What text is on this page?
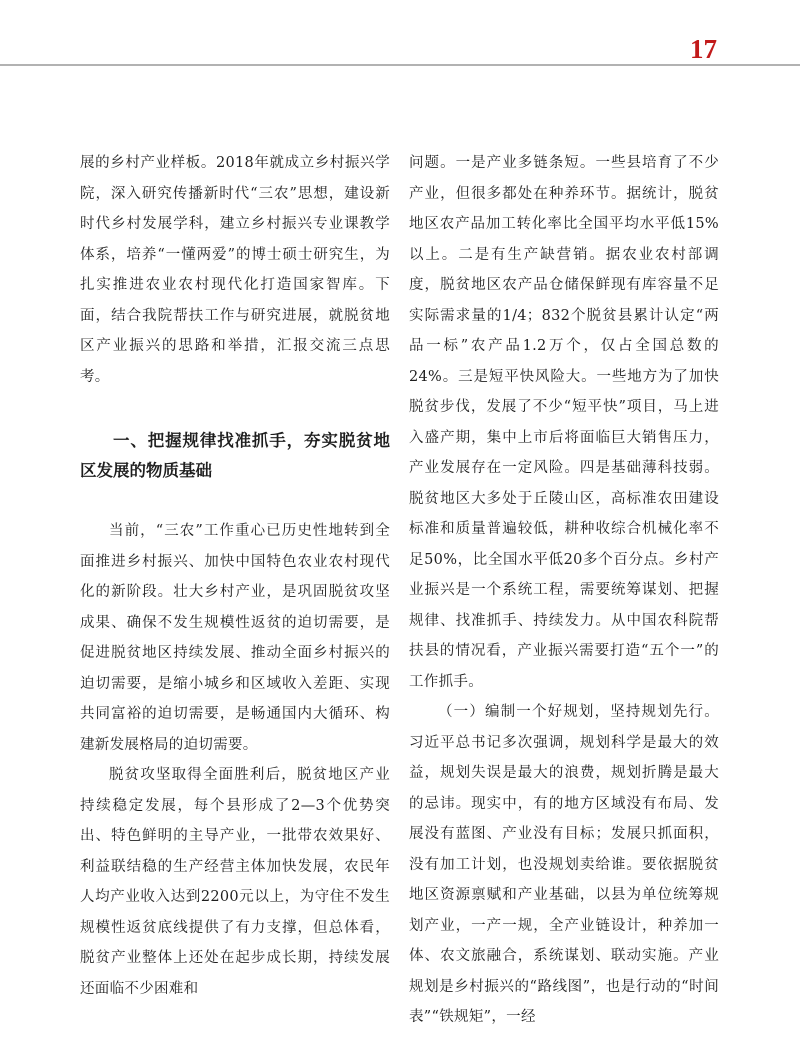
17

展的乡村产业样板。2018年就成立乡村振兴学院，深入研究传播新时代“三农”思想，建设新时代乡村发展学科，建立乡村振兴专业课教学体系，培养“一懂两爱”的博士硕士研究生，为扎实推进农业农村现代化打造国家智库。下面，结合我院帮扶工作与研究进展，就脱贫地区产业振兴的思路和举措，汇报交流三点思考。

一、把握规律找准抓手，夯实脱贫地区发展的物质基础

当前，“三农”工作重心已历史性地转到全面推进乡村振兴、加快中国特色农业农村现代化的新阶段。壮大乡村产业，是巩固脱贫攻坚成果、确保不发生规模性返贫的迫切需要，是促进脱贫地区持续发展、推动全面乡村振兴的迫切需要，是缩小城乡和区域收入差距、实现共同富裕的迫切需要，是畅通国内大循环、构建新发展格局的迫切需要。

脱贫攻坚取得全面胜利后，脱贫地区产业持续稳定发展，每个县形成了2—3个优势突出、特色鲜明的主导产业，一批带农效果好、利益联结稳的生产经营主体加快发展，农民年人均产业收入达到2200元以上，为守住不发生规模性返贫底线提供了有力支撑，但总体看，脱贫产业整体上还处在起步成长期，持续发展还面临不少困难和

问题。一是产业多链条短。一些县培育了不少产业，但很多都处在种养环节。据统计，脱贫地区农产品加工转化率比全国平均水平低15%以上。二是有生产缺营销。据农业农村部调度，脱贫地区农产品仓储保鲜现有库容量不足实际需求量的1/4；832个脱贫县累计认定“两品一标”农产品1.2万个，仅占全国总数的24%。三是短平快风险大。一些地方为了加快脱贫步伐，发展了不少“短平快”项目，马上进入盛产期，集中上市后将面临巨大销售压力，产业发展存在一定风险。四是基础薄科技弱。脱贫地区大多处于丘陵山区，高标准农田建设标准和质量普遍较低，耕种收综合机械化率不足50%，比全国水平低20多个百分点。乡村产业振兴是一个系统工程，需要统筹谋划、把握规律、找准抓手、持续发力。从中国农科院帮扶县的情况看，产业振兴需要打造“五个一”的工作抓手。

（一）编制一个好规划，坚持规划先行。习近平总书记多次强调，规划科学是最大的效益，规划失误是最大的浪费，规划折腾是最大的忌讳。现实中，有的地方区域没有布局、发展没有蓝图、产业没有目标；发展只抓面积，没有加工计划，也没规划卖给谁。要依据脱贫地区资源禀赋和产业基础，以县为单位统筹规划产业，一产一规，全产业链设计，种养加一体、农文旅融合，系统谋划、联动实施。产业规划是乡村振兴的“路线图”，也是行动的“时间表”“铁规矩”，一经
